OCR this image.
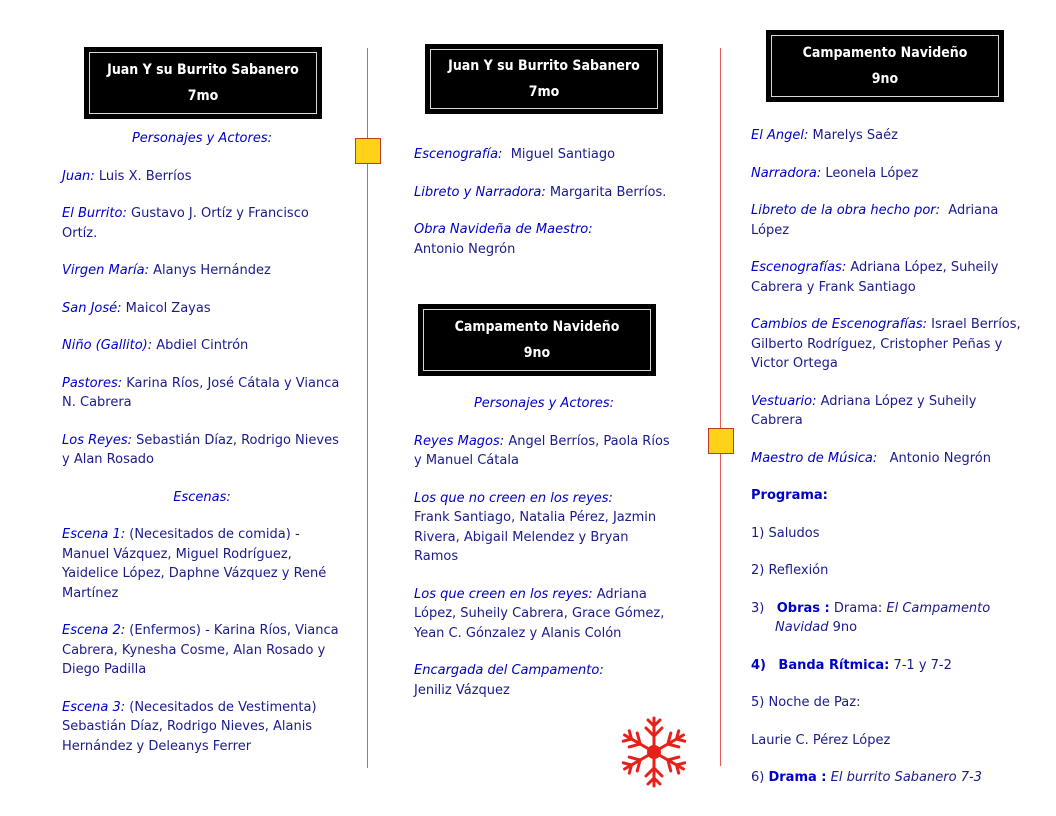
Juan Y su Burrito Sabanero
7mo

Personajes y Actores:

Juan: Luis X. Berríos

El Burrito: Gustavo J. Ortíz y Francisco Ortíz.

Virgen María: Alanys Hernández

San José: Maicol Zayas

Niño (Gallito): Abdiel Cintrón

Pastores: Karina Ríos, José Cátala y Vianca N. Cabrera

Los Reyes: Sebastián Díaz, Rodrigo Nieves y Alan Rosado

Escenas:

Escena 1: (Necesitados de comida) - Manuel Vázquez, Miguel Rodríguez, Yaidelice López, Daphne Vázquez y René Martínez

Escena 2: (Enfermos) - Karina Ríos, Vianca Cabrera, Kynesha Cosme, Alan Rosado y Diego Padilla

Escena 3: (Necesitados de Vestimenta) Sebastián Díaz, Rodrigo Nieves, Alanis Hernández y Deleanys Ferrer

Juan Y su Burrito Sabanero
7mo

Escenografía: Miguel Santiago

Libreto y Narradora: Margarita Berríos.

Obra Navideña de Maestro:
Antonio Negrón

Campamento Navideño
9no

Personajes y Actores:

Reyes Magos: Angel Berríos, Paola Ríos y Manuel Cátala

Los que no creen en los reyes:
Frank Santiago, Natalia Pérez, Jazmin Rivera, Abigail Melendez y Bryan Ramos

Los que creen en los reyes: Adriana López, Suheily Cabrera, Grace Gómez, Yean C. Gónzalez y Alanis Colón

Encargada del Campamento:
Jeniliz Vázquez

Campamento Navideño
9no

El Angel: Marelys Saéz

Narradora: Leonela López

Libreto de la obra hecho por: Adriana López

Escenografías: Adriana López, Suheily Cabrera y Frank Santiago

Cambios de Escenografías: Israel Berríos, Gilberto Rodríguez, Cristopher Peñas y Victor Ortega

Vestuario: Adriana López y Suheily Cabrera

Maestro de Música: Antonio Negrón

Programa:

1) Saludos

2) Reflexión

3) Obras : Drama: El Campamento Navidad 9no

4) Banda Rítmica: 7-1 y 7-2

5) Noche de Paz:

Laurie C. Pérez López

6) Drama : El burrito Sabanero 7-3
